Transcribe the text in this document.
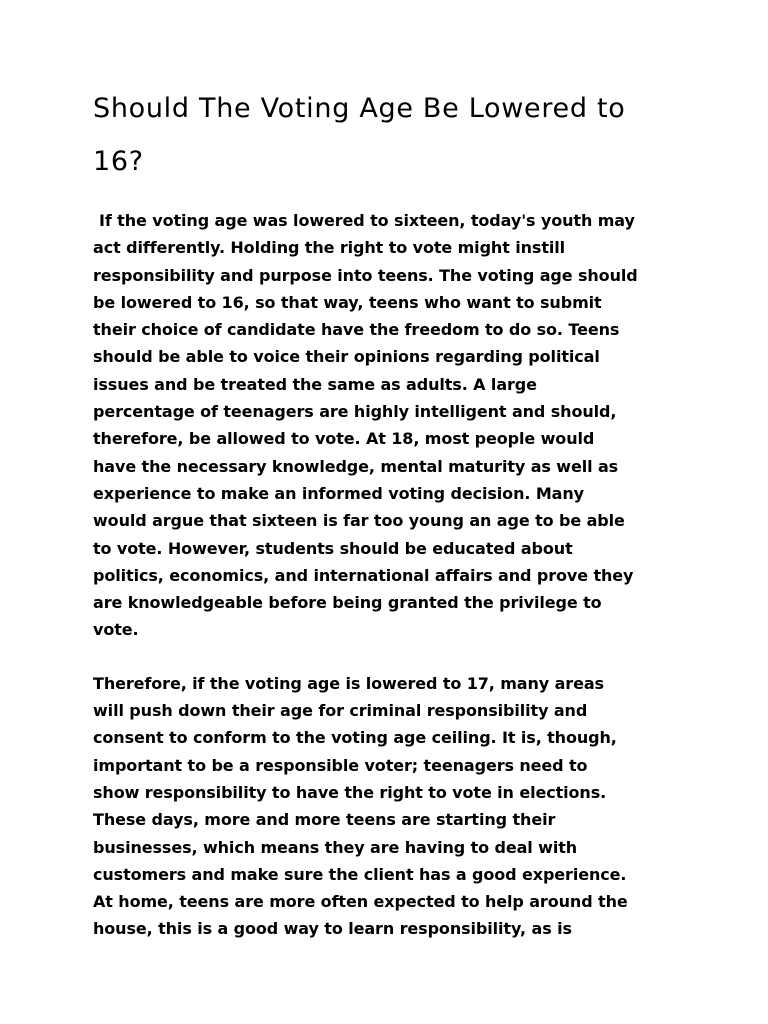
Should The Voting Age Be Lowered to 16?

If the voting age was lowered to sixteen, today's youth may act differently. Holding the right to vote might instill responsibility and purpose into teens. The voting age should be lowered to 16, so that way, teens who want to submit their choice of candidate have the freedom to do so. Teens should be able to voice their opinions regarding political issues and be treated the same as adults. A large percentage of teenagers are highly intelligent and should, therefore, be allowed to vote. At 18, most people would have the necessary knowledge, mental maturity as well as experience to make an informed voting decision. Many would argue that sixteen is far too young an age to be able to vote. However, students should be educated about politics, economics, and international affairs and prove they are knowledgeable before being granted the privilege to vote.

Therefore, if the voting age is lowered to 17, many areas will push down their age for criminal responsibility and consent to conform to the voting age ceiling. It is, though, important to be a responsible voter; teenagers need to show responsibility to have the right to vote in elections. These days, more and more teens are starting their businesses, which means they are having to deal with customers and make sure the client has a good experience. At home, teens are more often expected to help around the house, this is a good way to learn responsibility, as is
